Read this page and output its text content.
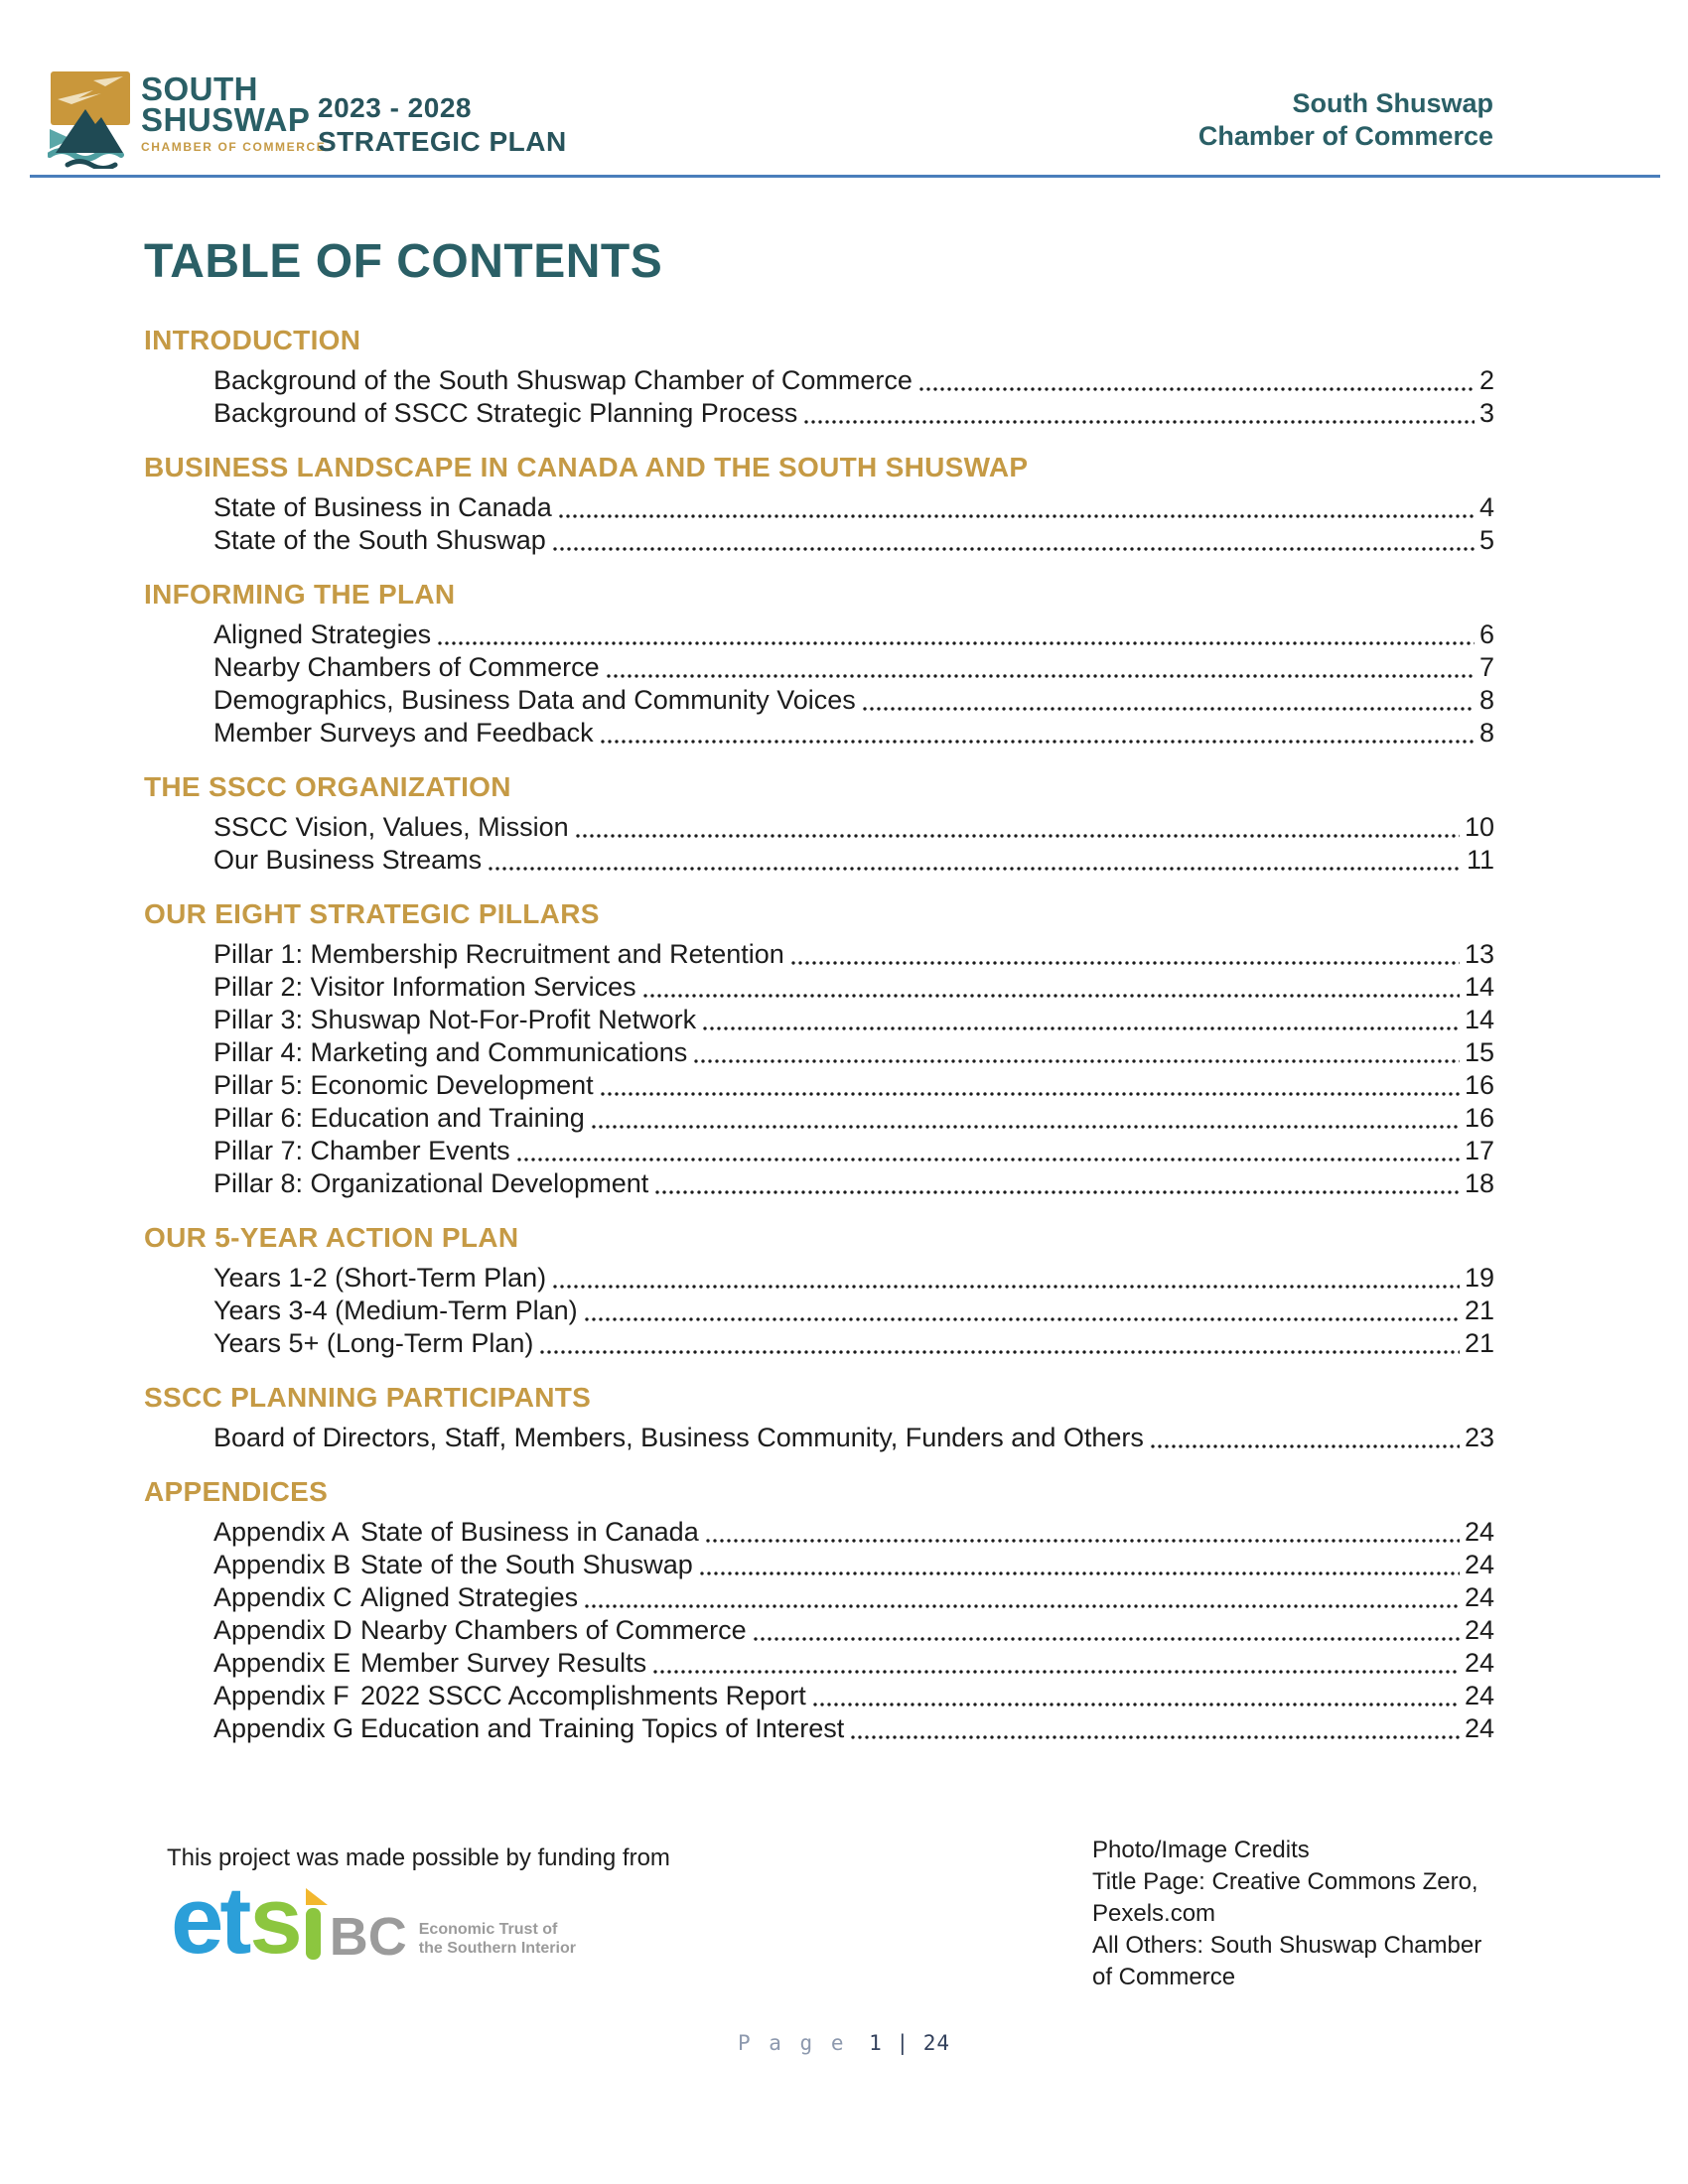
SOUTH
SHUSWAP
CHAMBER OF COMMERCE
2023 - 2028
STRATEGIC PLAN
South Shuswap
Chamber of Commerce
TABLE OF CONTENTS
INTRODUCTION
Background of the South Shuswap Chamber of Commerce	2
Background of SSCC Strategic Planning Process	3
BUSINESS LANDSCAPE IN CANADA AND THE SOUTH SHUSWAP
State of Business in Canada	4
State of the South Shuswap	5
INFORMING THE PLAN
Aligned Strategies	6
Nearby Chambers of Commerce	7
Demographics, Business Data and Community Voices	8
Member Surveys and Feedback	8
THE SSCC ORGANIZATION
SSCC Vision, Values, Mission	10
Our Business Streams	11
OUR EIGHT STRATEGIC PILLARS
Pillar 1: Membership Recruitment and Retention	13
Pillar 2: Visitor Information Services	14
Pillar 3: Shuswap Not-For-Profit Network	14
Pillar 4: Marketing and Communications	15
Pillar 5: Economic Development	16
Pillar 6: Education and Training	16
Pillar 7: Chamber Events	17
Pillar 8: Organizational Development	18
OUR 5-YEAR ACTION PLAN
Years 1-2 (Short-Term Plan)	19
Years 3-4 (Medium-Term Plan)	21
Years 5+ (Long-Term Plan)	21
SSCC PLANNING PARTICIPANTS
Board of Directors, Staff, Members, Business Community, Funders and Others	23
APPENDICES
Appendix A State of Business in Canada	24
Appendix B State of the South Shuswap	24
Appendix C Aligned Strategies	24
Appendix D Nearby Chambers of Commerce	24
Appendix E Member Survey Results	24
Appendix F 2022 SSCC Accomplishments Report	24
Appendix G Education and Training Topics of Interest	24
This project was made possible by funding from
et s BC Economic Trust of
the Southern Interior
Photo/Image Credits
Title Page: Creative Commons Zero,
Pexels.com
All Others: South Shuswap Chamber
of Commerce
P a g e 1 | 24
